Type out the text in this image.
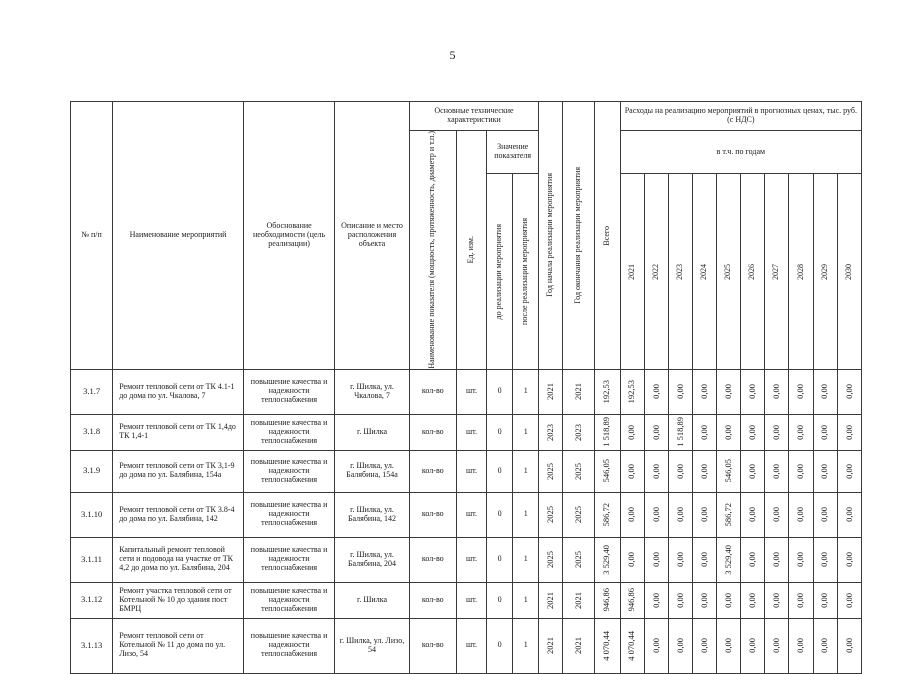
5
№ п/п	Наименование мероприятий	Обоснование необходимости (цель реализации)	Описание и место расположения объекта	Основные технические характеристики				Год начала реализации мероприятия	Год окончания реализации мероприятия	Всего	Расходы на реализацию мероприятий в прогнозных ценах, тыс. руб. (с НДС)									

				Наименование показателя (мощность, протяженность, диаметр и т.п.)	Ед. изм.	Значение показателя					в т.ч. по годам									

						до реализации мероприятия	после реализации мероприятия				2021	2022	2023	2024	2025	2026	2027	2028	2029	2030

3.1.7	Ремонт тепловой сети от ТК 4.1-1 до дома по ул. Чкалова, 7	повышение качества и надежности теплоснабжения	г. Шилка, ул. Чкалова, 7	кол-во	шт.	0	1	2021	2021	192,53	192,53	0,00	0,00	0,00	0,00	0,00	0,00	0,00	0,00	0,00

3.1.8	Ремонт тепловой сети от ТК 1,4до ТК 1,4-1	повышение качества и надежности теплоснабжения	г. Шилка	кол-во	шт.	0	1	2023	2023	1 518,89	0,00	0,00	1 518,89	0,00	0,00	0,00	0,00	0,00	0,00	0,00

3.1.9	Ремонт тепловой сети от ТК 3,1-9 до дома по ул. Балябина, 154а	повышение качества и надежности теплоснабжения	г. Шилка, ул. Балябина, 154а	кол-во	шт.	0	1	2025	2025	546,05	0,00	0,00	0,00	0,00	546,05	0,00	0,00	0,00	0,00	0,00

3.1.10	Ремонт тепловой сети от ТК 3.8-4 до дома по ул. Балябина, 142	повышение качества и надежности теплоснабжения	г. Шилка, ул. Балябина, 142	кол-во	шт.	0	1	2025	2025	586,72	0,00	0,00	0,00	0,00	586,72	0,00	0,00	0,00	0,00	0,00

3.1.11	Капитальный ремонт тепловой сети и подовода на участке от ТК 4,2 до дома по ул. Балябина, 204	повышение качества и надежности теплоснабжения	г. Шилка, ул. Балябина, 204	кол-во	шт.	0	1	2025	2025	3 529,40	0,00	0,00	0,00	0,00	3 529,40	0,00	0,00	0,00	0,00	0,00

3.1.12	Ремонт участка тепловой сети от Котельной № 10 до здания пост БМРЦ	повышение качества и надежности теплоснабжения	г. Шилка	кол-во	шт.	0	1	2021	2021	946,86	946,86	0,00	0,00	0,00	0,00	0,00	0,00	0,00	0,00	0,00

3.1.13	Ремонт тепловой сети от Котельной № 11 до дома по ул. Лизо, 54	повышение качества и надежности теплоснабжения	г. Шилка, ул. Лизо, 54	кол-во	шт.	0	1	2021	2021	4 070,44	4 070,44	0,00	0,00	0,00	0,00	0,00	0,00	0,00	0,00	0,00
